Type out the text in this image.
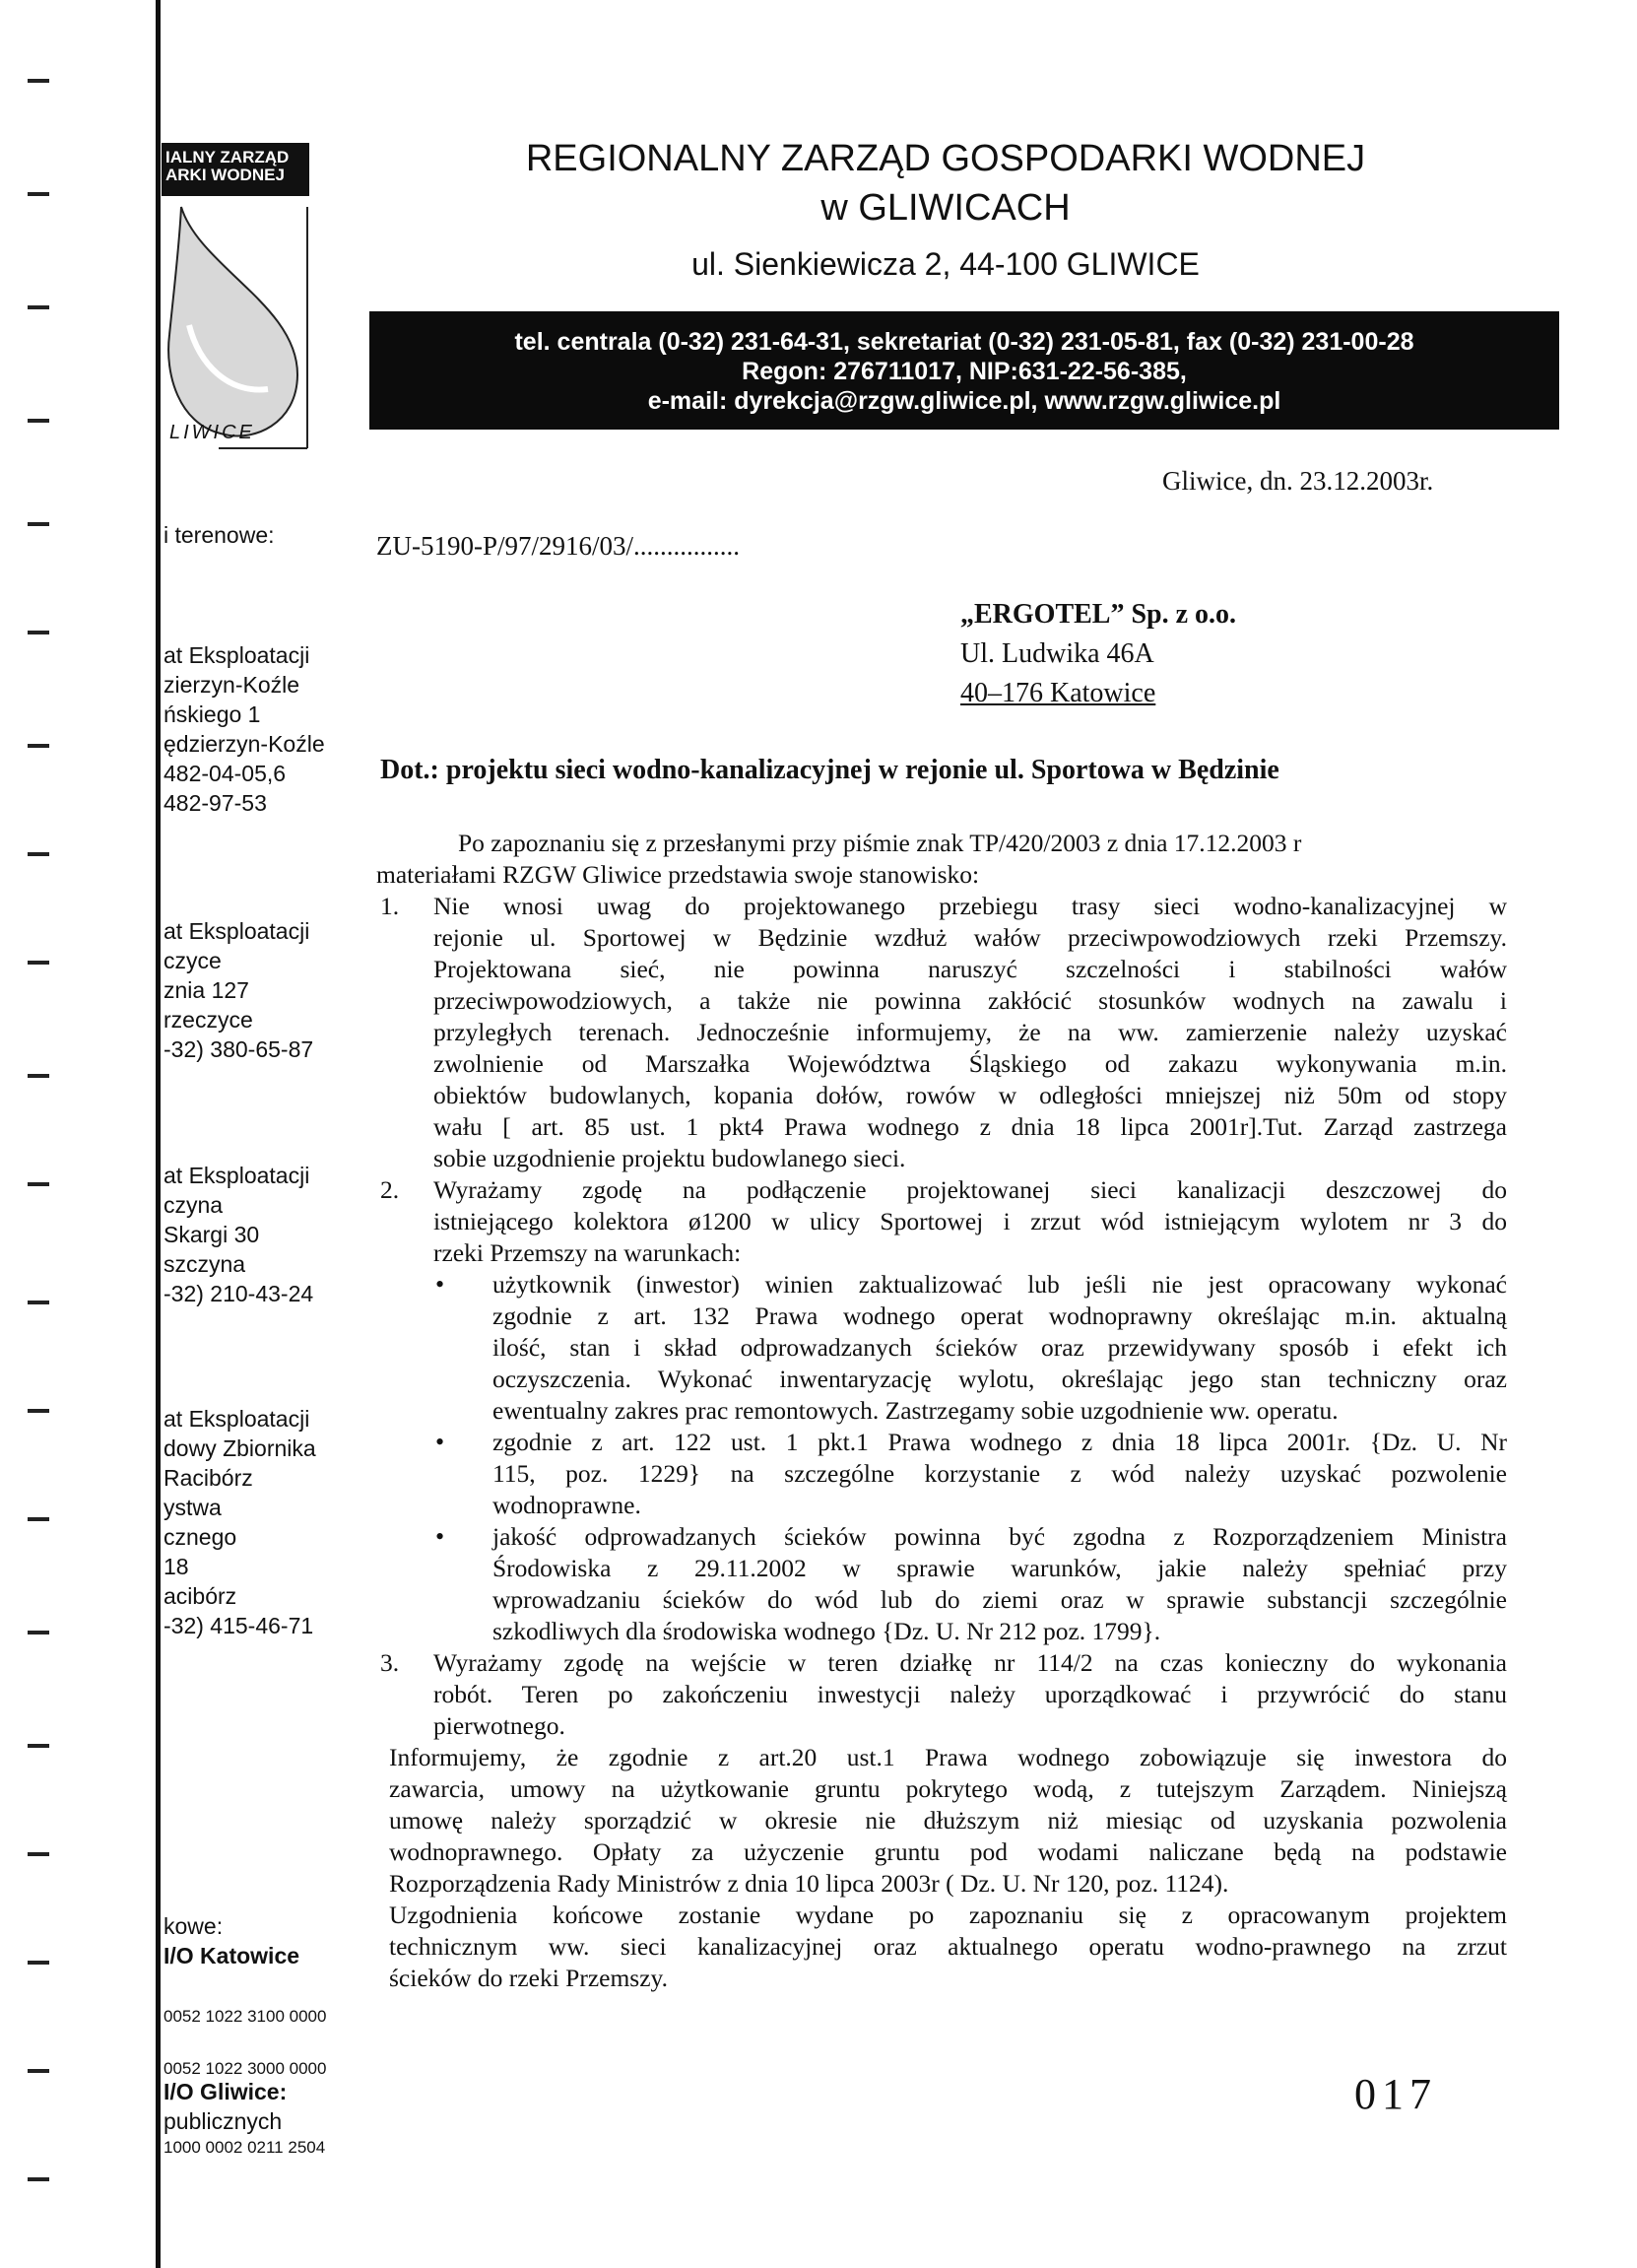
IALNY ZARZĄD
ARKI WODNEJ
LIWICE
REGIONALNY ZARZĄD GOSPODARKI WODNEJ
w GLIWICACH
ul. Sienkiewicza 2, 44-100 GLIWICE
tel. centrala (0-32) 231-64-31, sekretariat (0-32) 231-05-81, fax (0-32) 231-00-28
Regon: 276711017, NIP:631-22-56-385,
e-mail: dyrekcja@rzgw.gliwice.pl, www.rzgw.gliwice.pl
Gliwice, dn. 23.12.2003r.
ZU-5190-P/97/2916/03/................
i terenowe:
at Eksploatacji
zierzyn-Koźle
ńskiego 1
ędzierzyn-Koźle
482-04-05,6
482-97-53
at Eksploatacji
czyce
znia 127
rzeczyce
-32) 380-65-87
at Eksploatacji
czyna
Skargi 30
szczyna
-32) 210-43-24
at Eksploatacji
dowy Zbiornika
Racibórz
ystwa
cznego
18
acibórz
-32) 415-46-71
kowe:
I/O Katowice
0052 1022 3100 0000
0052 1022 3000 0000
I/O Gliwice:
publicznych
1000 0002 0211 2504
„ERGOTEL” Sp. z o.o.
Ul. Ludwika 46A
40–176 Katowice
Dot.: projektu sieci wodno-kanalizacyjnej w rejonie ul. Sportowa w Będzinie
Po zapoznaniu się z przesłanymi przy piśmie znak TP/420/2003 z dnia 17.12.2003 r
materiałami RZGW Gliwice przedstawia swoje stanowisko:
1. Nie wnosi uwag do projektowanego przebiegu trasy sieci wodno-kanalizacyjnej w
rejonie ul. Sportowej w Będzinie wzdłuż wałów przeciwpowodziowych rzeki Przemszy.
Projektowana sieć, nie powinna naruszyć szczelności i stabilności wałów
przeciwpowodziowych, a także nie powinna zakłócić stosunków wodnych na zawalu i
przyległych terenach. Jednocześnie informujemy, że na ww. zamierzenie należy uzyskać
zwolnienie od Marszałka Województwa Śląskiego od zakazu wykonywania m.in.
obiektów budowlanych, kopania dołów, rowów w odległości mniejszej niż 50m od stopy
wału [ art. 85 ust. 1 pkt4 Prawa wodnego z dnia 18 lipca 2001r].Tut. Zarząd zastrzega
sobie uzgodnienie projektu budowlanego sieci.
2. Wyrażamy zgodę na podłączenie projektowanej sieci kanalizacji deszczowej do
istniejącego kolektora ø1200 w ulicy Sportowej i zrzut wód istniejącym wylotem nr 3 do
rzeki Przemszy na warunkach:
• użytkownik (inwestor) winien zaktualizować lub jeśli nie jest opracowany wykonać
zgodnie z art. 132 Prawa wodnego operat wodnoprawny określając m.in. aktualną
ilość, stan i skład odprowadzanych ścieków oraz przewidywany sposób i efekt ich
oczyszczenia. Wykonać inwentaryzację wylotu, określając jego stan techniczny oraz
ewentualny zakres prac remontowych. Zastrzegamy sobie uzgodnienie ww. operatu.
• zgodnie z art. 122 ust. 1 pkt.1 Prawa wodnego z dnia 18 lipca 2001r. {Dz. U. Nr
115, poz. 1229} na szczególne korzystanie z wód należy uzyskać pozwolenie
wodnoprawne.
• jakość odprowadzanych ścieków powinna być zgodna z Rozporządzeniem Ministra
Środowiska z 29.11.2002 w sprawie warunków, jakie należy spełniać przy
wprowadzaniu ścieków do wód lub do ziemi oraz w sprawie substancji szczególnie
szkodliwych dla środowiska wodnego {Dz. U. Nr 212 poz. 1799}.
3. Wyrażamy zgodę na wejście w teren działkę nr 114/2 na czas konieczny do wykonania
robót. Teren po zakończeniu inwestycji należy uporządkować i przywrócić do stanu
pierwotnego.
Informujemy, że zgodnie z art.20 ust.1 Prawa wodnego zobowiązuje się inwestora do
zawarcia, umowy na użytkowanie gruntu pokrytego wodą, z tutejszym Zarządem. Niniejszą
umowę należy sporządzić w okresie nie dłuższym niż miesiąc od uzyskania pozwolenia
wodnoprawnego. Opłaty za użyczenie gruntu pod wodami naliczane będą na podstawie
Rozporządzenia Rady Ministrów z dnia 10 lipca 2003r ( Dz. U. Nr 120, poz. 1124).
Uzgodnienia końcowe zostanie wydane po zapoznaniu się z opracowanym projektem
technicznym ww. sieci kanalizacyjnej oraz aktualnego operatu wodno-prawnego na zrzut
ścieków do rzeki Przemszy.
017
